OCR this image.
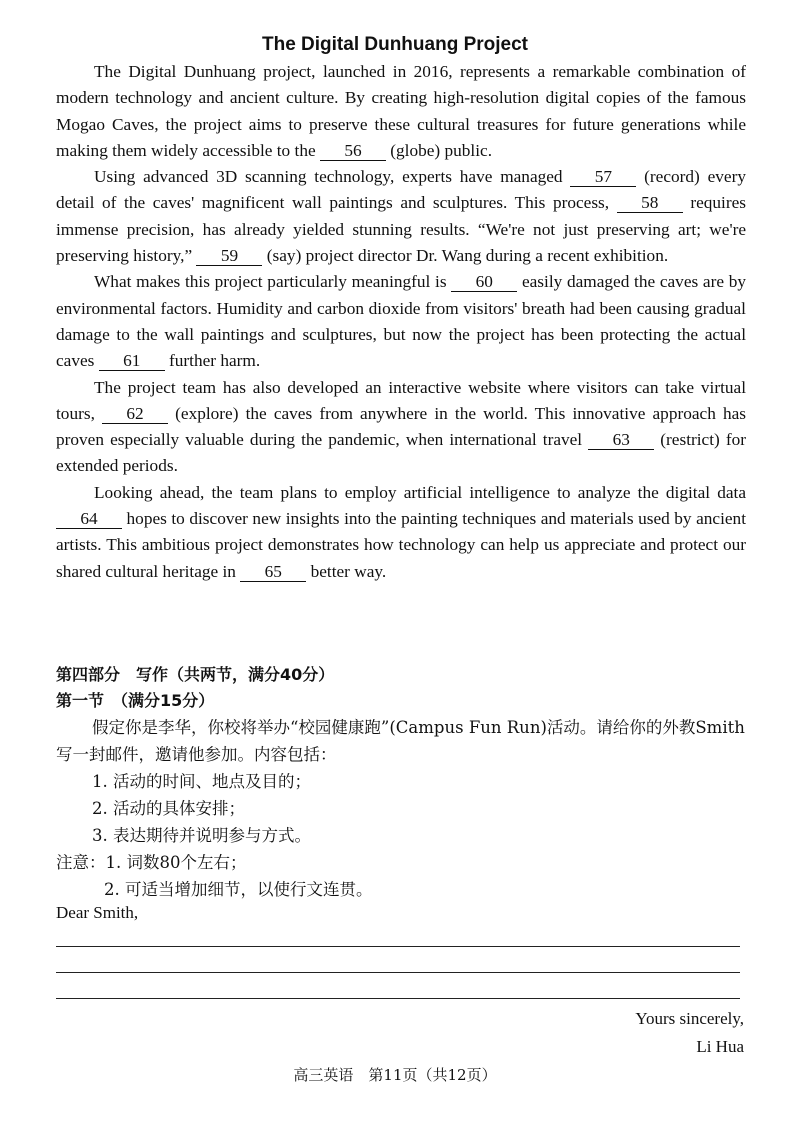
The Digital Dunhuang Project

The Digital Dunhuang project, launched in 2016, represents a remarkable combination of modern technology and ancient culture. By creating high-resolution digital copies of the famous Mogao Caves, the project aims to preserve these cultural treasures for future generations while making them widely accessible to the 56 (globe) public.

Using advanced 3D scanning technology, experts have managed 57 (record) every detail of the caves' magnificent wall paintings and sculptures. This process, 58 requires immense precision, has already yielded stunning results. “We're not just preserving art; we're preserving history,” 59 (say) project director Dr. Wang during a recent exhibition.

What makes this project particularly meaningful is 60 easily damaged the caves are by environmental factors. Humidity and carbon dioxide from visitors' breath had been causing gradual damage to the wall paintings and sculptures, but now the project has been protecting the actual caves 61 further harm.

The project team has also developed an interactive website where visitors can take virtual tours, 62 (explore) the caves from anywhere in the world. This innovative approach has proven especially valuable during the pandemic, when international travel 63 (restrict) for extended periods.

Looking ahead, the team plans to employ artificial intelligence to analyze the digital data 64 hopes to discover new insights into the painting techniques and materials used by ancient artists. This ambitious project demonstrates how technology can help us appreciate and protect our shared cultural heritage in 65 better way.

第四部分　写作（共两节，满分40分）
第一节　（满分15分）
假定你是李华，你校将举办“校园健康跑”(Campus Fun Run)活动。请给你的外教Smith写一封邮件，邀请他参加。内容包括：
1. 活动的时间、地点及目的；
2. 活动的具体安排；
3. 表达期待并说明参与方式。
注意：1. 词数80个左右；
2. 可适当增加细节，以使行文连贯。
Dear Smith,
Yours sincerely,
Li Hua
高三英语　第11页（共12页）
